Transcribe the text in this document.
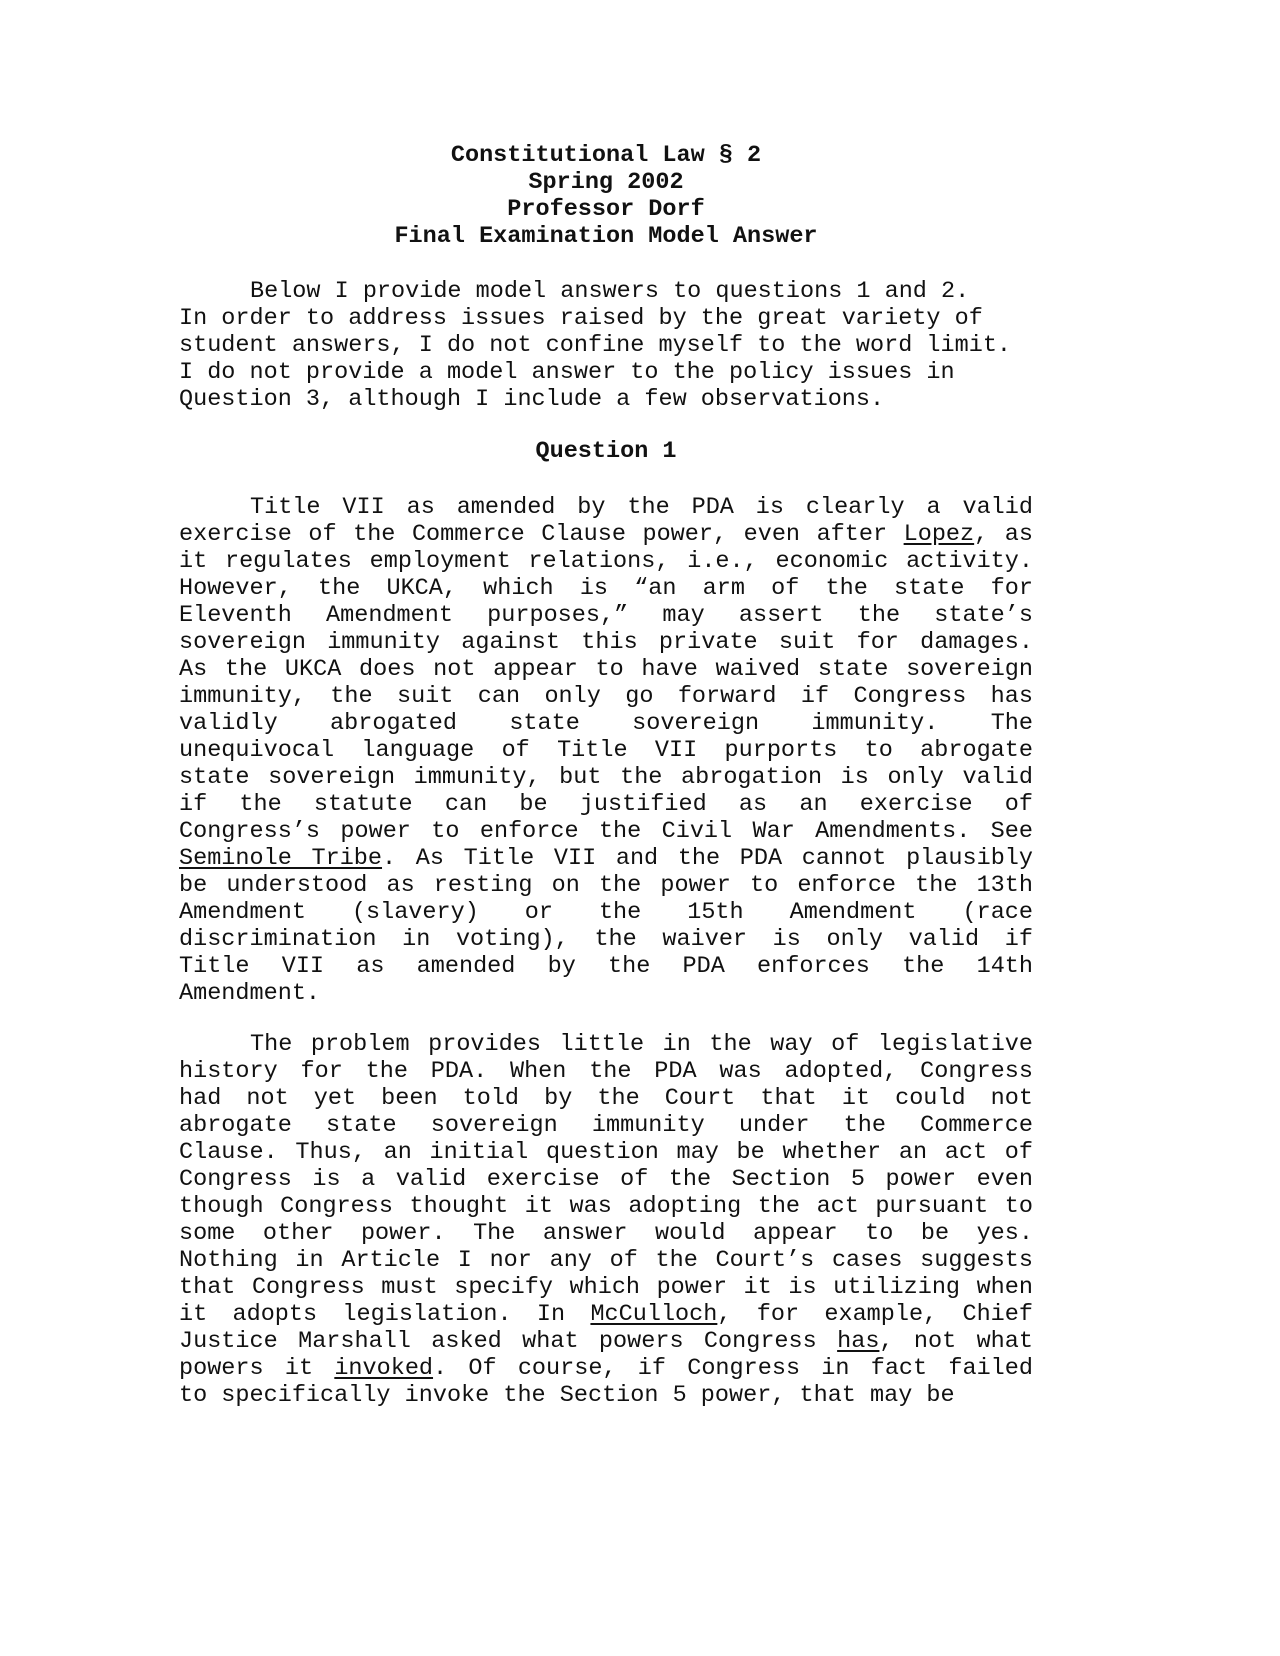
Constitutional Law § 2
Spring 2002
Professor Dorf
Final Examination Model Answer
Below I provide model answers to questions 1 and 2.
In order to address issues raised by the great variety of
student answers, I do not confine myself to the word limit.
I do not provide a model answer to the policy issues in
Question 3, although I include a few observations.
Question 1
Title VII as amended by the PDA is clearly a valid
exercise of the Commerce Clause power, even after Lopez, as
it regulates employment relations, i.e., economic activity.
However, the UKCA, which is “an arm of the state for
Eleventh Amendment purposes,” may assert the state’s
sovereign immunity against this private suit for damages.
As the UKCA does not appear to have waived state sovereign
immunity, the suit can only go forward if Congress has
validly abrogated state sovereign immunity. The
unequivocal language of Title VII purports to abrogate
state sovereign immunity, but the abrogation is only valid
if the statute can be justified as an exercise of
Congress’s power to enforce the Civil War Amendments. See
Seminole Tribe. As Title VII and the PDA cannot plausibly
be understood as resting on the power to enforce the 13th
Amendment (slavery) or the 15th Amendment (race
discrimination in voting), the waiver is only valid if
Title VII as amended by the PDA enforces the 14th
Amendment.
The problem provides little in the way of legislative
history for the PDA. When the PDA was adopted, Congress
had not yet been told by the Court that it could not
abrogate state sovereign immunity under the Commerce
Clause. Thus, an initial question may be whether an act of
Congress is a valid exercise of the Section 5 power even
though Congress thought it was adopting the act pursuant to
some other power. The answer would appear to be yes.
Nothing in Article I nor any of the Court’s cases suggests
that Congress must specify which power it is utilizing when
it adopts legislation. In McCulloch, for example, Chief
Justice Marshall asked what powers Congress has, not what
powers it invoked. Of course, if Congress in fact failed
to specifically invoke the Section 5 power, that may be
